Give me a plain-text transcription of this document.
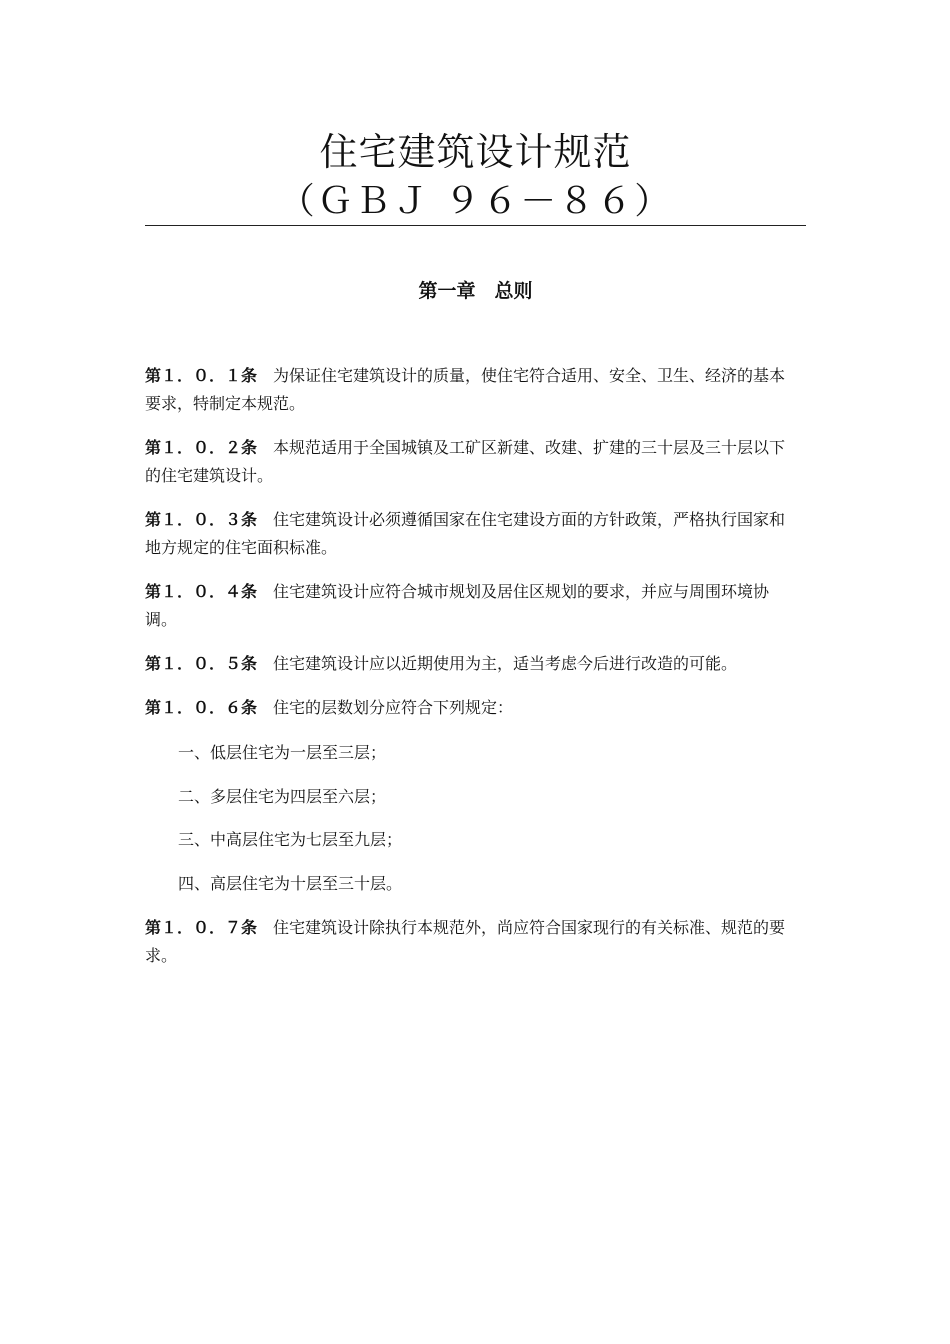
住宅建筑设计规范
（ＧＢＪ ９６－８６）
第一章　总则

第１．０．１条 为保证住宅建筑设计的质量，使住宅符合适用、安全、卫生、经济的基本要求，特制定本规范。

第１．０．２条 本规范适用于全国城镇及工矿区新建、改建、扩建的三十层及三十层以下的住宅建筑设计。

第１．０．３条 住宅建筑设计必须遵循国家在住宅建设方面的方针政策，严格执行国家和地方规定的住宅面积标准。

第１．０．４条 住宅建筑设计应符合城市规划及居住区规划的要求，并应与周围环境协调。

第１．０．５条 住宅建筑设计应以近期使用为主，适当考虑今后进行改造的可能。

第１．０．６条 住宅的层数划分应符合下列规定：

一、低层住宅为一层至三层；

二、多层住宅为四层至六层；

三、中高层住宅为七层至九层；

四、高层住宅为十层至三十层。

第１．０．７条 住宅建筑设计除执行本规范外，尚应符合国家现行的有关标准、规范的要求。
